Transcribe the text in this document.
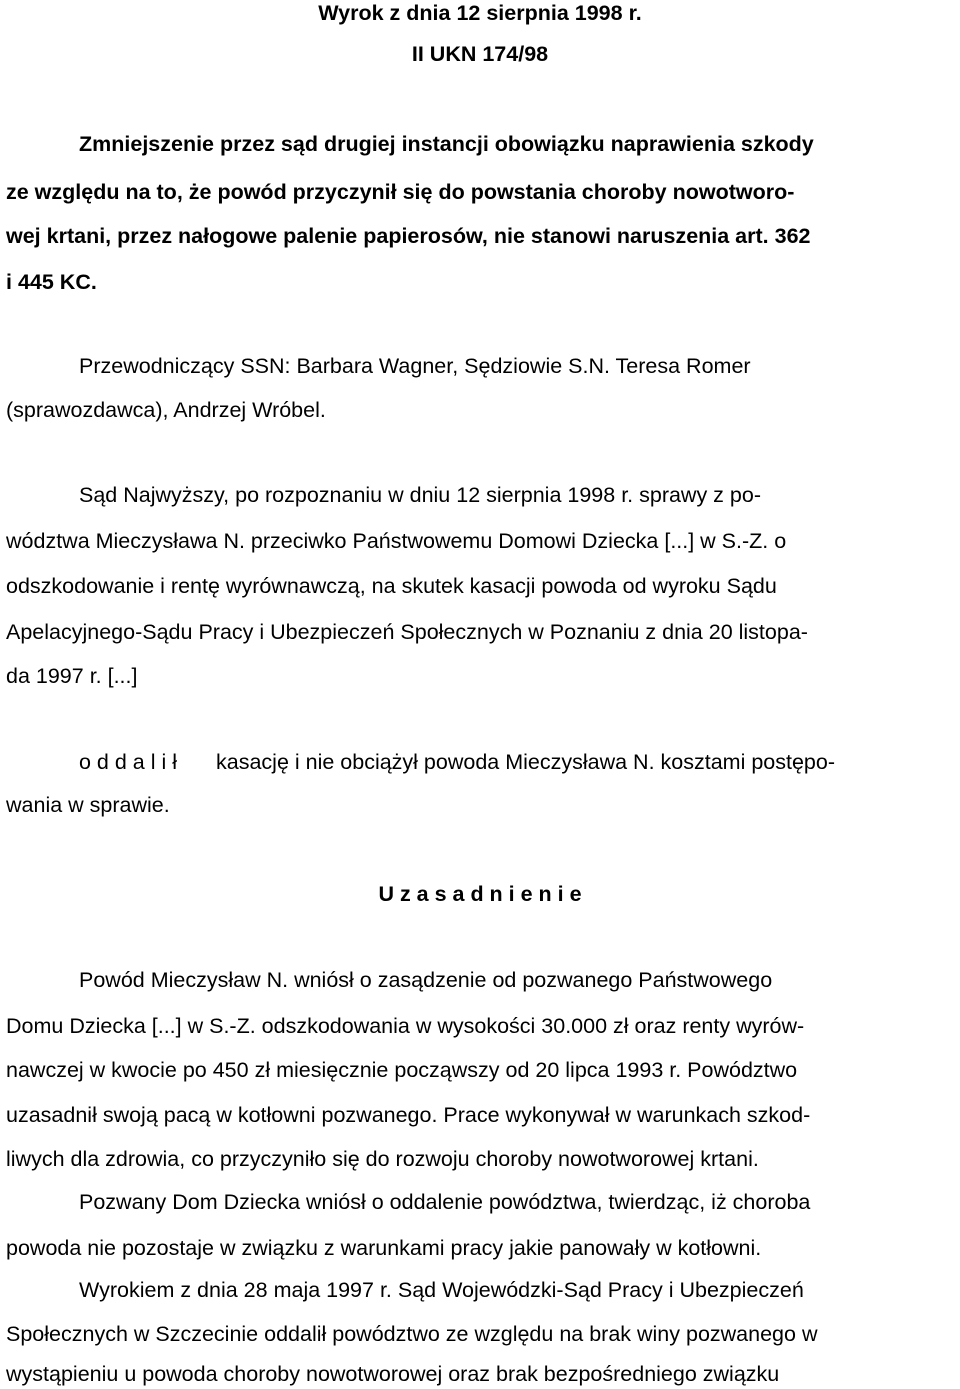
Wyrok z dnia 12 sierpnia 1998 r.
II UKN 174/98
Zmniejszenie przez sąd drugiej instancji obowiązku naprawienia szkody
ze względu na to, że powód przyczynił się do powstania choroby nowotworo-
wej krtani, przez nałogowe palenie papierosów, nie stanowi naruszenia art. 362
i 445 KC.
Przewodniczący SSN: Barbara Wagner, Sędziowie S.N. Teresa Romer
(sprawozdawca), Andrzej Wróbel.
Sąd Najwyższy, po rozpoznaniu w dniu 12 sierpnia 1998 r. sprawy z po-
wództwa Mieczysława N. przeciwko Państwowemu Domowi Dziecka [...] w S.-Z. o
odszkodowanie i rentę wyrównawczą, na skutek kasacji powoda od wyroku Sądu
Apelacyjnego-Sądu Pracy i Ubezpieczeń Społecznych w Poznaniu z dnia 20 listopa-
da 1997 r. [...]
o d d a l i ł kasację i nie obciążył powoda Mieczysława N. kosztami postępo-
wania w sprawie.
U z a s a d n i e n i e
Powód Mieczysław N. wniósł o zasądzenie od pozwanego Państwowego
Domu Dziecka [...] w S.-Z. odszkodowania w wysokości 30.000 zł oraz renty wyrów-
nawczej w kwocie po 450 zł miesięcznie począwszy od 20 lipca 1993 r. Powództwo
uzasadnił swoją pacą w kotłowni pozwanego. Prace wykonywał w warunkach szkod-
liwych dla zdrowia, co przyczyniło się do rozwoju choroby nowotworowej krtani.
Pozwany Dom Dziecka wniósł o oddalenie powództwa, twierdząc, iż choroba
powoda nie pozostaje w związku z warunkami pracy jakie panowały w kotłowni.
Wyrokiem z dnia 28 maja 1997 r. Sąd Wojewódzki-Sąd Pracy i Ubezpieczeń
Społecznych w Szczecinie oddalił powództwo ze względu na brak winy pozwanego w
wystąpieniu u powoda choroby nowotworowej oraz brak bezpośredniego związku
